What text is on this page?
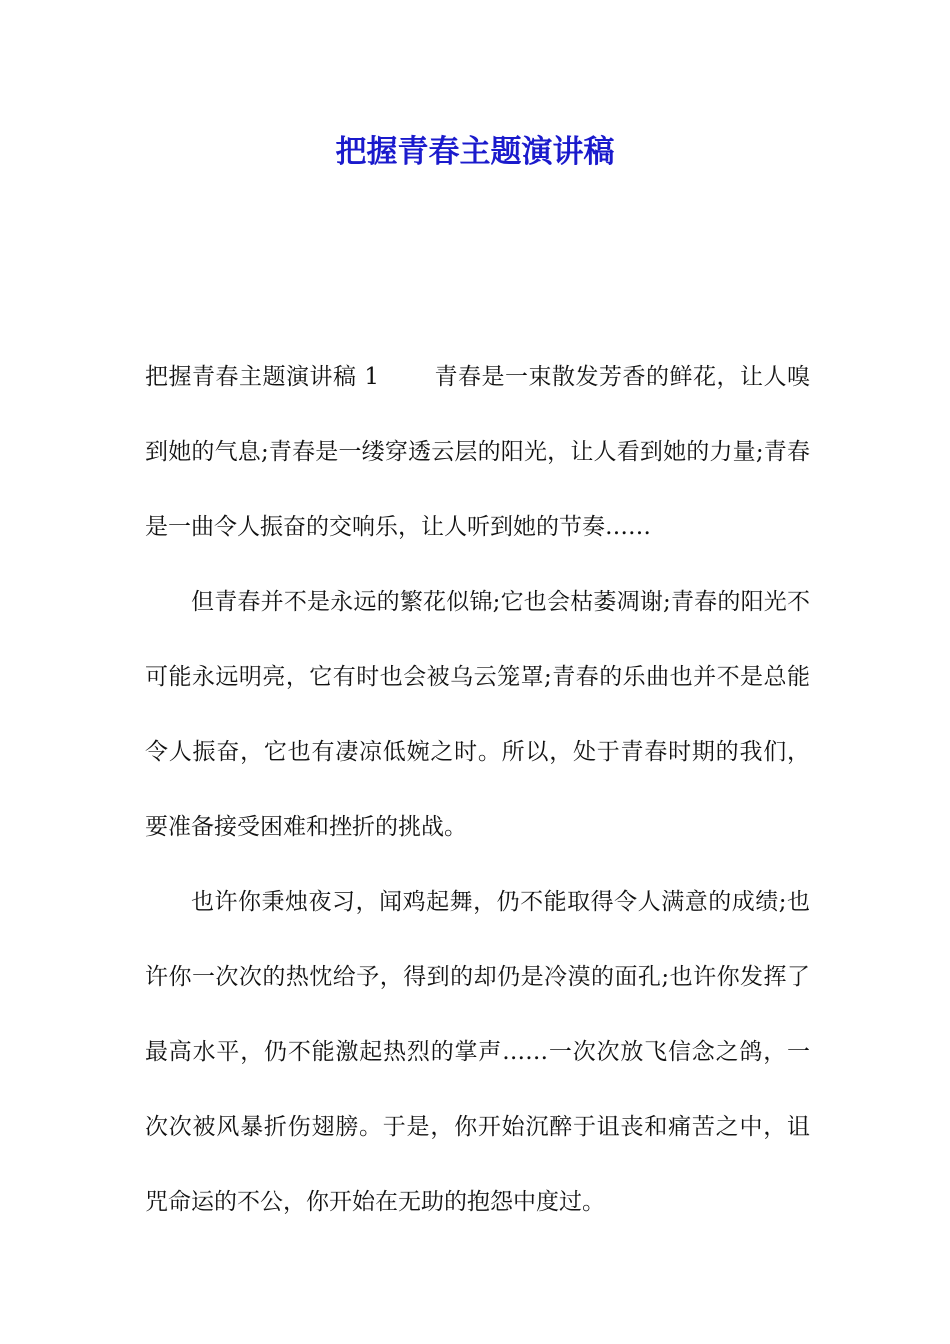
把握青春主题演讲稿

把握青春主题演讲稿 1 青春是一束散发芳香的鲜花，让人嗅到她的气息;青春是一缕穿透云层的阳光，让人看到她的力量;青春是一曲令人振奋的交响乐，让人听到她的节奏……

但青春并不是永远的繁花似锦;它也会枯萎凋谢;青春的阳光不可能永远明亮，它有时也会被乌云笼罩;青春的乐曲也并不是总能令人振奋，它也有凄凉低婉之时。所以，处于青春时期的我们，要准备接受困难和挫折的挑战。

也许你秉烛夜习，闻鸡起舞，仍不能取得令人满意的成绩;也许你一次次的热忱给予，得到的却仍是冷漠的面孔;也许你发挥了最高水平，仍不能激起热烈的掌声……一次次放飞信念之鸽，一次次被风暴折伤翅膀。于是，你开始沉醉于诅丧和痛苦之中，诅咒命运的不公，你开始在无助的抱怨中度过。
